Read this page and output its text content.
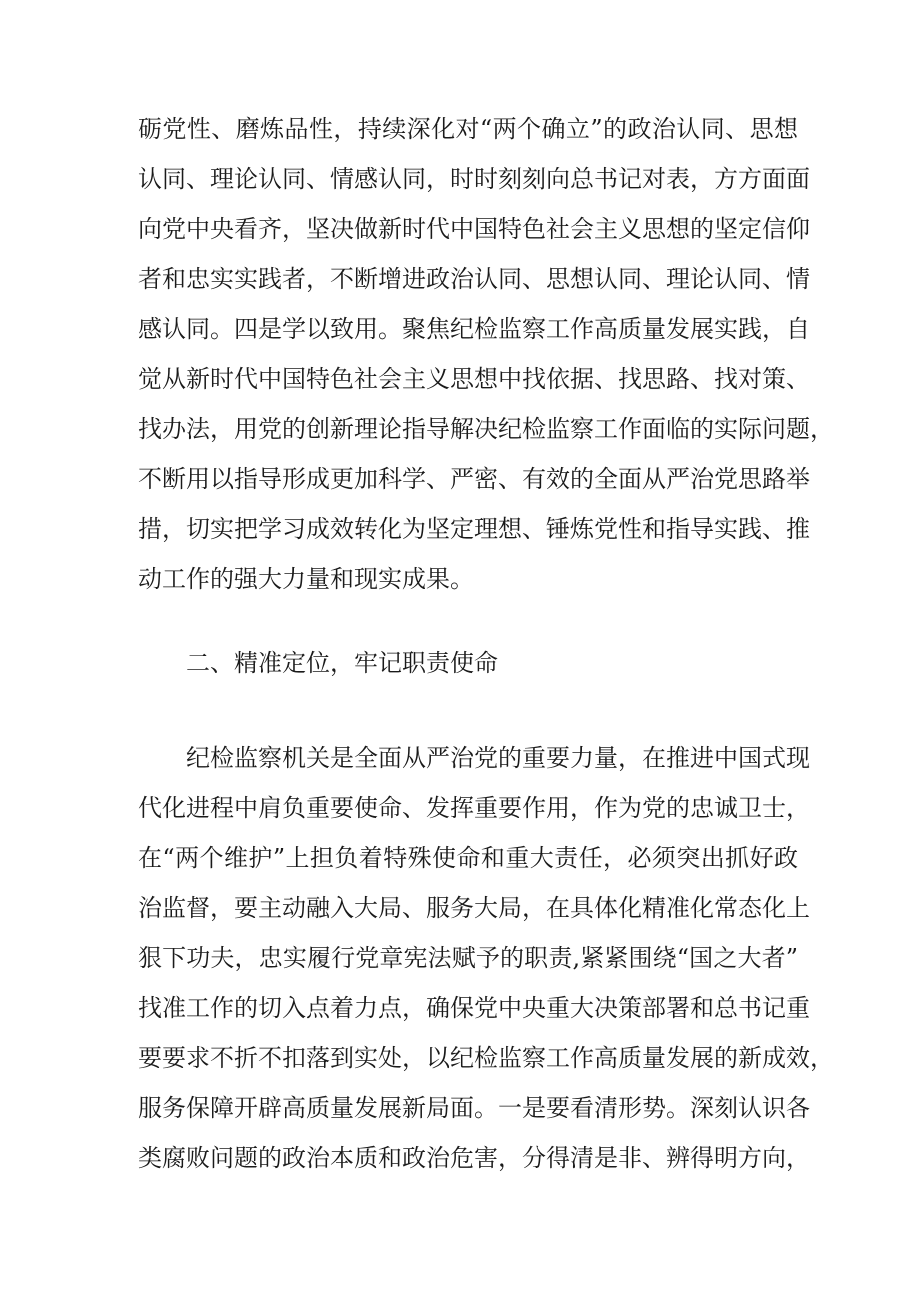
砺党性、磨炼品性，持续深化对“两个确立”的政治认同、思想
认同、理论认同、情感认同，时时刻刻向总书记对表，方方面面
向党中央看齐，坚决做新时代中国特色社会主义思想的坚定信仰
者和忠实实践者，不断增进政治认同、思想认同、理论认同、情
感认同。四是学以致用。聚焦纪检监察工作高质量发展实践，自
觉从新时代中国特色社会主义思想中找依据、找思路、找对策、
找办法，用党的创新理论指导解决纪检监察工作面临的实际问题，
不断用以指导形成更加科学、严密、有效的全面从严治党思路举
措，切实把学习成效转化为坚定理想、锤炼党性和指导实践、推
动工作的强大力量和现实成果。
二、精准定位，牢记职责使命
纪检监察机关是全面从严治党的重要力量，在推进中国式现
代化进程中肩负重要使命、发挥重要作用，作为党的忠诚卫士，
在“两个维护”上担负着特殊使命和重大责任，必须突出抓好政
治监督，要主动融入大局、服务大局，在具体化精准化常态化上
狠下功夫，忠实履行党章宪法赋予的职责,紧紧围绕“国之大者”
找准工作的切入点着力点，确保党中央重大决策部署和总书记重
要要求不折不扣落到实处，以纪检监察工作高质量发展的新成效，
服务保障开辟高质量发展新局面。一是要看清形势。深刻认识各
类腐败问题的政治本质和政治危害，分得清是非、辨得明方向，
